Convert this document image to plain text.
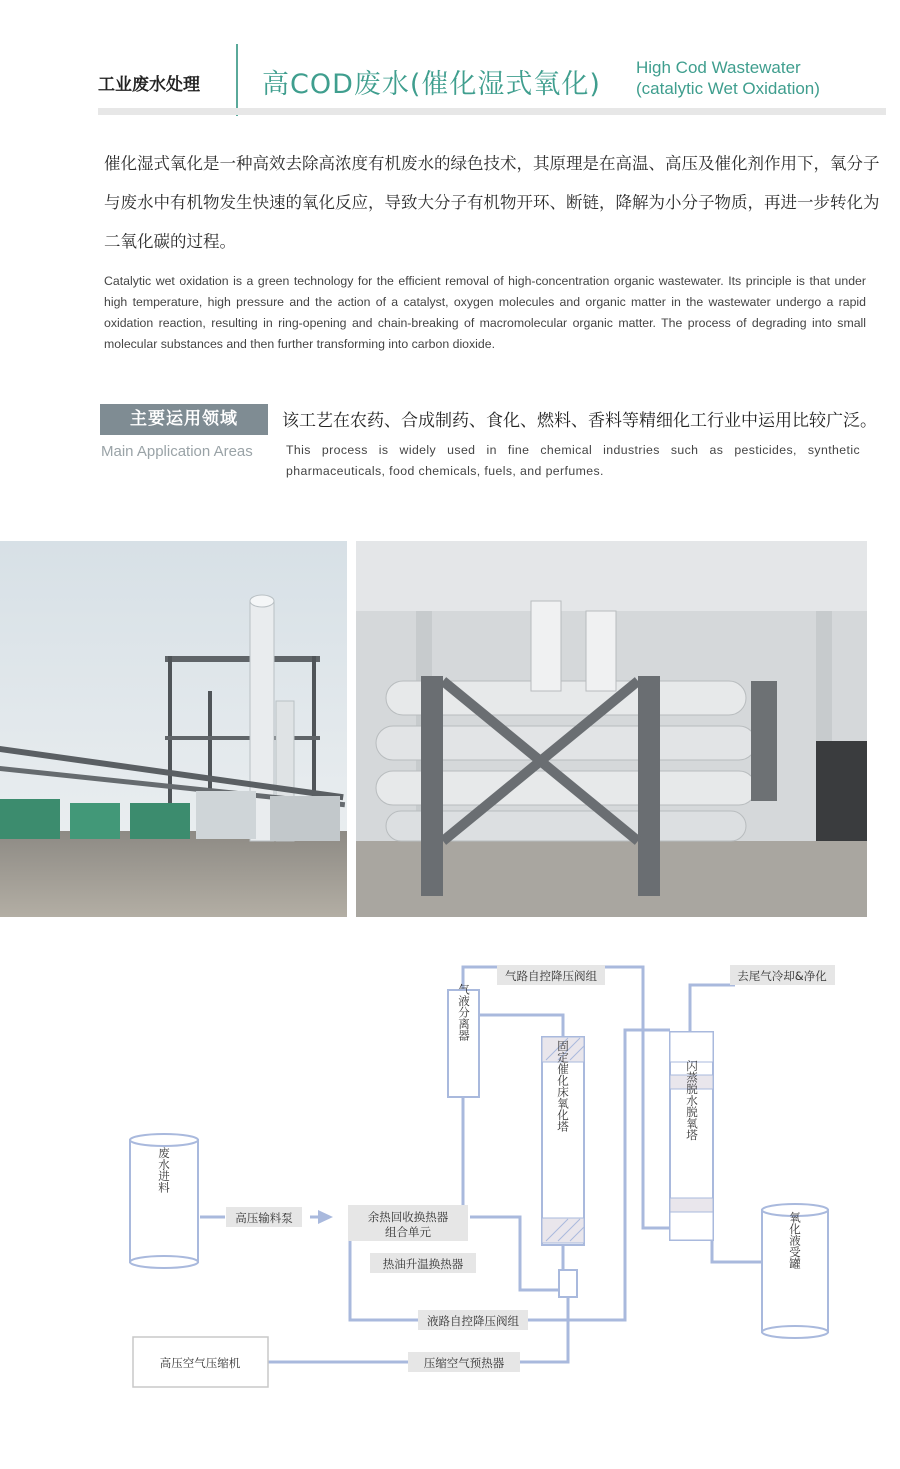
工业废水处理 高COD废水(催化湿式氧化)
High Cod Wastewater
(catalytic Wet Oxidation)
催化湿式氧化是一种高效去除高浓度有机废水的绿色技术，其原理是在高温、高压及催化剂作用下，氧分子与废水中有机物发生快速的氧化反应，导致大分子有机物开环、断链，降解为小分子物质，再进一步转化为二氧化碳的过程。
Catalytic wet oxidation is a green technology for the efficient removal of high-concentration organic wastewater. Its principle is that under high temperature, high pressure and the action of a catalyst, oxygen molecules and organic matter in the wastewater undergo a rapid oxidation reaction, resulting in ring-opening and chain-breaking of macromolecular organic matter. The process of degrading into small molecular substances and then further transforming into carbon dioxide.
主要运用领域
Main Application Areas
该工艺在农药、合成制药、食化、燃料、香料等精细化工行业中运用比较广泛。
This process is widely used in fine chemical industries such as pesticides, synthetic pharmaceuticals, food chemicals, fuels, and perfumes.
气路自控降压阀组	去尾气冷却&净化
高压输料泵	余热回收换热器
组合单元
热油升温换热器
液路自控降压阀组
压缩空气预热器
高压空气压缩机
气液分离器
固定催化床氧化塔	闪蒸脱水脱氧塔
废水进料
氧化液受罐
